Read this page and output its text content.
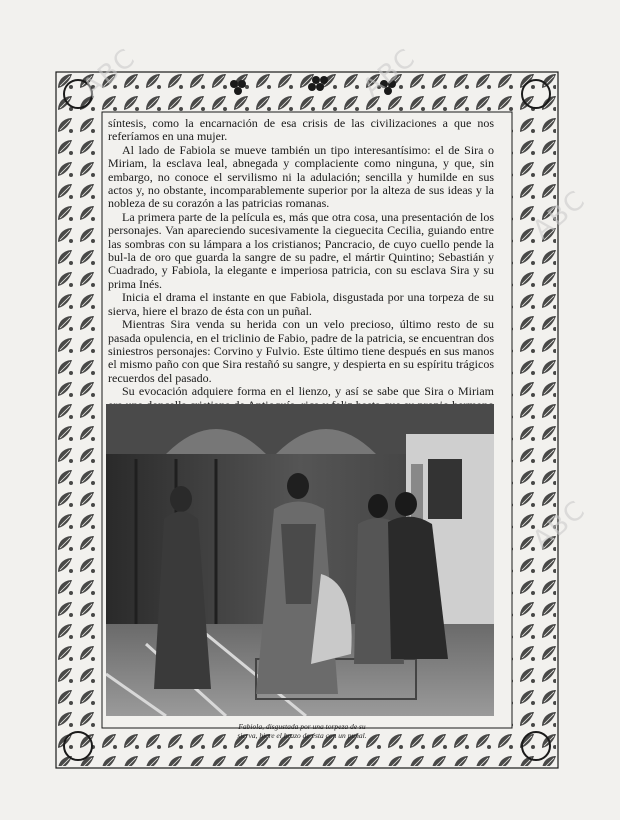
ABC	ABC
ABC
ABC

síntesis, como la encarnación de esa crisis de las civilizaciones a que nos referíamos en una mujer.

Al lado de Fabiola se mueve también un tipo interesantísimo: el de Sira o Miriam, la esclava leal, abnegada y complaciente como ninguna, y que, sin embargo, no conoce el servilismo ni la adulación; sencilla y humilde en sus actos y, no obstante, incomparablemente superior por la alteza de sus ideas y la nobleza de su corazón a las patricias romanas.

La primera parte de la película es, más que otra cosa, una presentación de los personajes. Van apareciendo sucesivamente la cieguecita Cecilia, guiando entre las sombras con su lámpara a los cristianos; Pancracio, de cuyo cuello pende la bul-la de oro que guarda la sangre de su padre, el mártir Quintino; Sebastián y Cuadrado, y Fabiola, la elegante e imperiosa patricia, con su esclava Sira y su prima Inés.

Inicia el drama el instante en que Fabiola, disgustada por una torpeza de su sierva, hiere el brazo de ésta con un puñal.

Mientras Sira venda su herida con un velo precioso, último resto de su pasada opulencia, en el triclinio de Fabio, padre de la patricia, se encuentran dos siniestros personajes: Corvino y Fulvio. Este último tiene después en sus manos el mismo paño con que Sira restañó su sangre, y despierta en su espíritu trágicos recuerdos del pasado.

Su evocación adquiere forma en el lienzo, y así se sabe que Sira o Miriam

Fabiola, disgustada por una torpeza de su sierva, hiere el brazo de ésta con un puñal.
